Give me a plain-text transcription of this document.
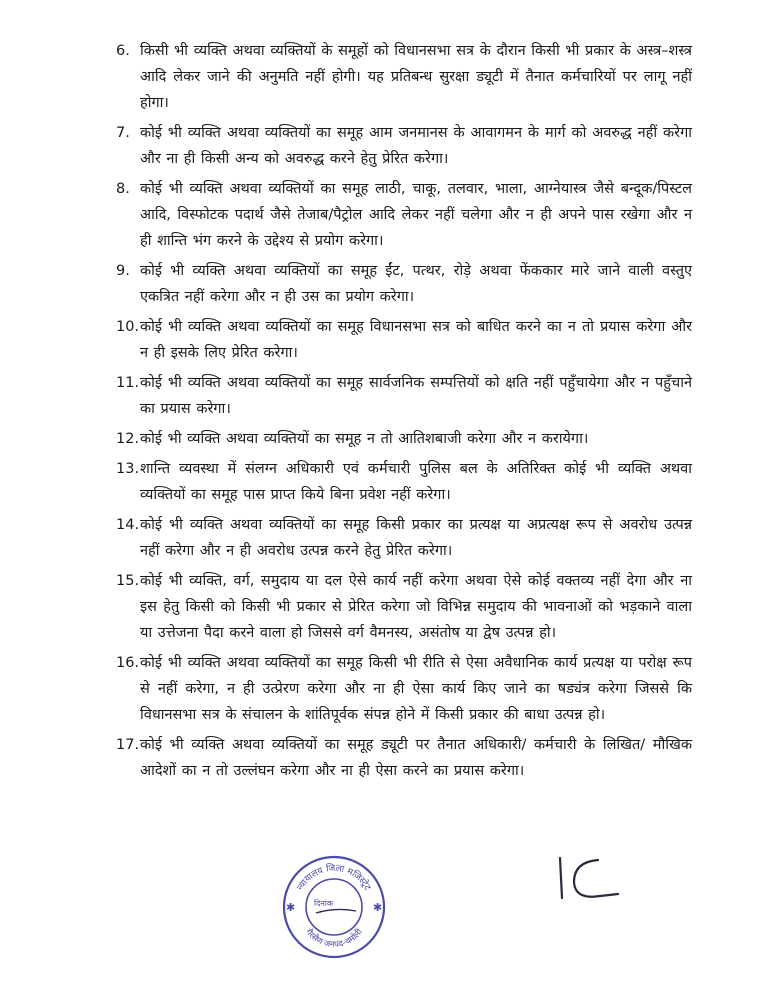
6. किसी भी व्यक्ति अथवा व्यक्तियों के समूहों को विधानसभा सत्र के दौरान किसी भी प्रकार के अस्त्र–शस्त्र आदि लेकर जाने की अनुमति नहीं होगी। यह प्रतिबन्ध सुरक्षा ड्यूटी में तैनात कर्मचारियों पर लागू नहीं होगा।
7. कोई भी व्यक्ति अथवा व्यक्तियों का समूह आम जनमानस के आवागमन के मार्ग को अवरुद्ध नहीं करेगा और ना ही किसी अन्य को अवरुद्ध करने हेतु प्रेरित करेगा।
8. कोई भी व्यक्ति अथवा व्यक्तियों का समूह लाठी, चाकू, तलवार, भाला, आग्नेयास्त्र जैसे बन्दूक/पिस्टल आदि, विस्फोटक पदार्थ जैसे तेजाब/पैट्रोल आदि लेकर नहीं चलेगा और न ही अपने पास रखेगा और न ही शान्ति भंग करने के उद्देश्य से प्रयोग करेगा।
9. कोई भी व्यक्ति अथवा व्यक्तियों का समूह ईंट, पत्थर, रोड़े अथवा फेंककार मारे जाने वाली वस्तुए एकत्रित नहीं करेगा और न ही उस का प्रयोग करेगा।
10. कोई भी व्यक्ति अथवा व्यक्तियों का समूह विधानसभा सत्र को बाधित करने का न तो प्रयास करेगा और न ही इसके लिए प्रेरित करेगा।
11. कोई भी व्यक्ति अथवा व्यक्तियों का समूह सार्वजनिक सम्पत्तियों को क्षति नहीं पहुँचायेगा और न पहुँचाने का प्रयास करेगा।
12. कोई भी व्यक्ति अथवा व्यक्तियों का समूह न तो आतिशबाजी करेगा और न करायेगा।
13. शान्ति व्यवस्था में संलग्न अधिकारी एवं कर्मचारी पुलिस बल के अतिरिक्त कोई भी व्यक्ति अथवा व्यक्तियों का समूह पास प्राप्त किये बिना प्रवेश नहीं करेगा।
14. कोई भी व्यक्ति अथवा व्यक्तियों का समूह किसी प्रकार का प्रत्यक्ष या अप्रत्यक्ष रूप से अवरोध उत्पन्न नहीं करेगा और न ही अवरोध उत्पन्न करने हेतु प्रेरित करेगा।
15. कोई भी व्यक्ति, वर्ग, समुदाय या दल ऐसे कार्य नहीं करेगा अथवा ऐसे कोई वक्तव्य नहीं देगा और ना इस हेतु किसी को किसी भी प्रकार से प्रेरित करेगा जो विभिन्न समुदाय की भावनाओं को भड़काने वाला या उत्तेजना पैदा करने वाला हो जिससे वर्ग वैमनस्य, असंतोष या द्वेष उत्पन्न हो।
16. कोई भी व्यक्ति अथवा व्यक्तियों का समूह किसी भी रीति से ऐसा अवैधानिक कार्य प्रत्यक्ष या परोक्ष रूप से नहीं करेगा, न ही उत्प्रेरण करेगा और ना ही ऐसा कार्य किए जाने का षड्यंत्र करेगा जिससे कि विधानसभा सत्र के संचालन के शांतिपूर्वक संपन्न होने में किसी प्रकार की बाधा उत्पन्न हो।
17. कोई भी व्यक्ति अथवा व्यक्तियों का समूह ड्यूटी पर तैनात अधिकारी/ कर्मचारी के लिखित/ मौखिक आदेशों का न तो उल्लंघन करेगा और ना ही ऐसा करने का प्रयास करेगा।
न्यायालय जिला मजिस्ट्रेट
गैरसैण जनपद-चमोली
दिनांक
✱	✱
